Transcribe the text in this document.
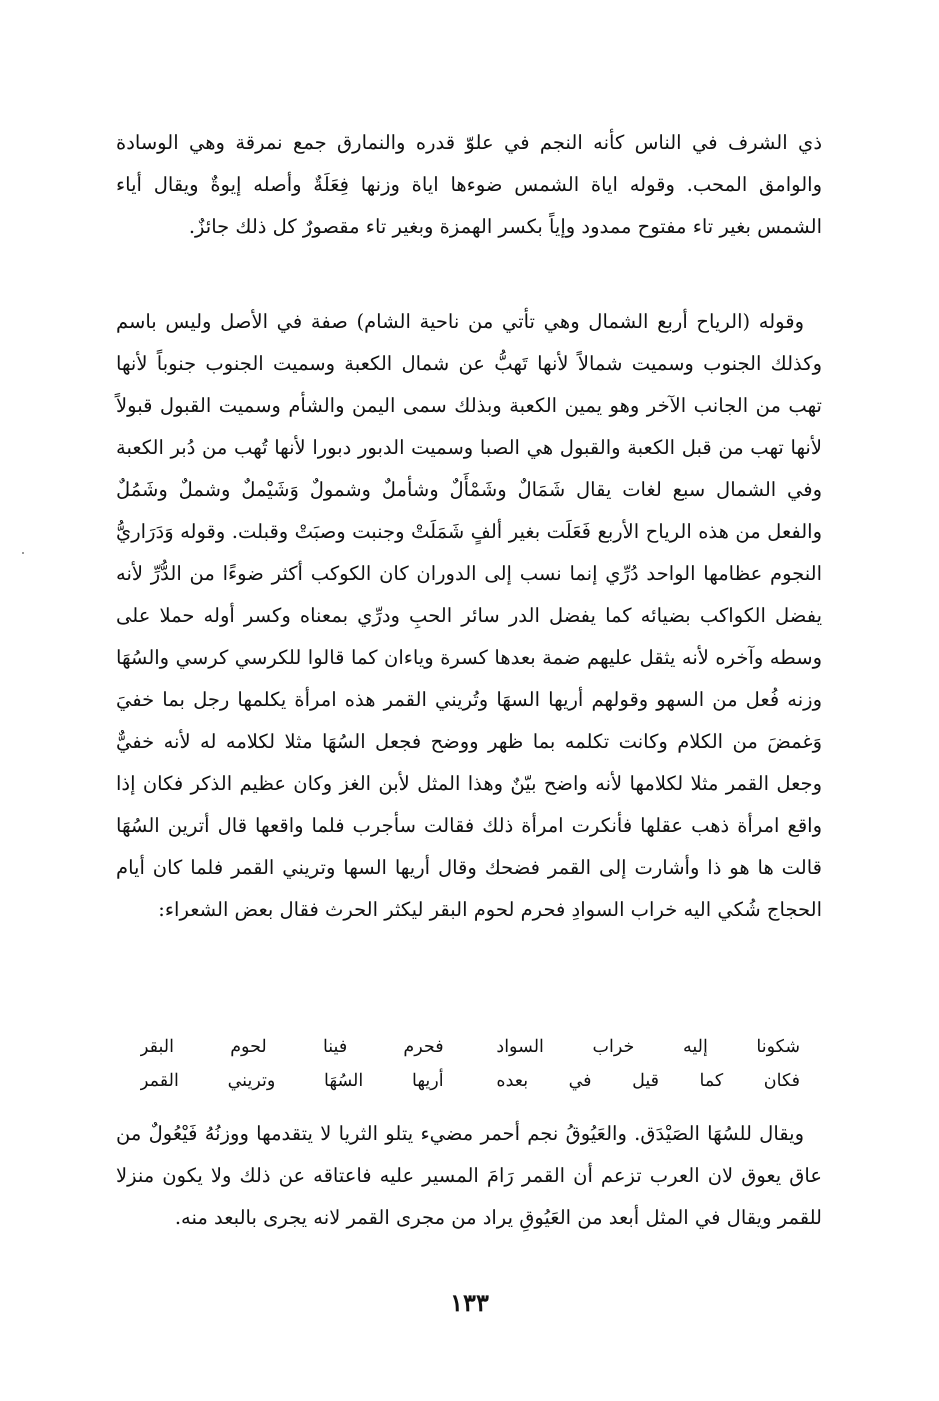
ذي الشرف في الناس كأنه النجم في علوّ قدره والنمارق جمع نمرقة وهي الوسادة والوامق المحب. وقوله اياة الشمس ضوءها اياة وزنها فِعَلَةٌ وأصله إيوةٌ ويقال أياء الشمس بغير تاء مفتوح ممدود وإياً بكسر الهمزة وبغير تاء مقصورٌ كل ذلك جائزٌ.

وقوله (الرياح أربع الشمال وهي تأتي من ناحية الشام) صفة في الأصل وليس باسم وكذلك الجنوب وسميت شمالاً لأنها تَهبُّ عن شمال الكعبة وسميت الجنوب جنوباً لأنها تهب من الجانب الآخر وهو يمين الكعبة وبذلك سمى اليمن والشأم وسميت القبول قبولاً لأنها تهب من قبل الكعبة والقبول هي الصبا وسميت الدبور دبورا لأنها تُهب من دُبر الكعبة وفي الشمال سبع لغات يقال شَمَالٌ وشَمْأَلٌ وشأملٌ وشمولٌ وَشَيْملٌ وشملٌ وشَمُلٌ والفعل من هذه الرياح الأربع فَعَلَت بغير ألفٍ شَمَلَتْ وجنبت وصبَتْ وقبلت. وقوله وَدَرَاريُّ النجوم عظامها الواحد دُرِّي إنما نسب إلى الدوران كان الكوكب أكثر ضوءًا من الدُّرِّ لأنه يفضل الكواكب بضيائه كما يفضل الدر سائر الحبِ ودرِّي بمعناه وكسر أوله حملا على وسطه وآخره لأنه يثقل عليهم ضمة بعدها كسرة وياءان كما قالوا للكرسي كرسي والسُهَا وزنه فُعل من السهو وقولهم أريها السهَا وتُريني القمر هذه امرأة يكلمها رجل بما خفيَ وَغمضَ من الكلام وكانت تكلمه بما ظهر ووضح فجعل السُهَا مثلا لكلامه له لأنه خفيٌّ وجعل القمر مثلا لكلامها لأنه واضح بيّنٌ وهذا المثل لأبن الغز وكان عظيم الذكر فكان إذا واقع امرأة ذهب عقلها فأنكرت امرأة ذلك فقالت سأجرب فلما واقعها قال أترين السُهَا قالت ها هو ذا وأشارت إلى القمر فضحك وقال أريها السها وتريني القمر فلما كان أيام الحجاج شُكي اليه خراب السوادِ فحرم لحوم البقر ليكثر الحرث فقال بعض الشعراء:

شكونا إليه خراب السواد
فحرم فينا لحوم البقر
فكان كما قيل في بعده
أريها السُهَا وتريني القمر

ويقال للسُهَا الصَيْدَق. والعَيُوقُ نجم أحمر مضيء يتلو الثريا لا يتقدمها ووزنُهُ فَيْعُولٌ من عاق يعوق لان العرب تزعم أن القمر رَامَ المسير عليه فاعتاقه عن ذلك ولا يكون منزلا للقمر ويقال في المثل أبعد من العَيُوقِ يراد من مجرى القمر لانه يجرى بالبعد منه.

١٣٣
